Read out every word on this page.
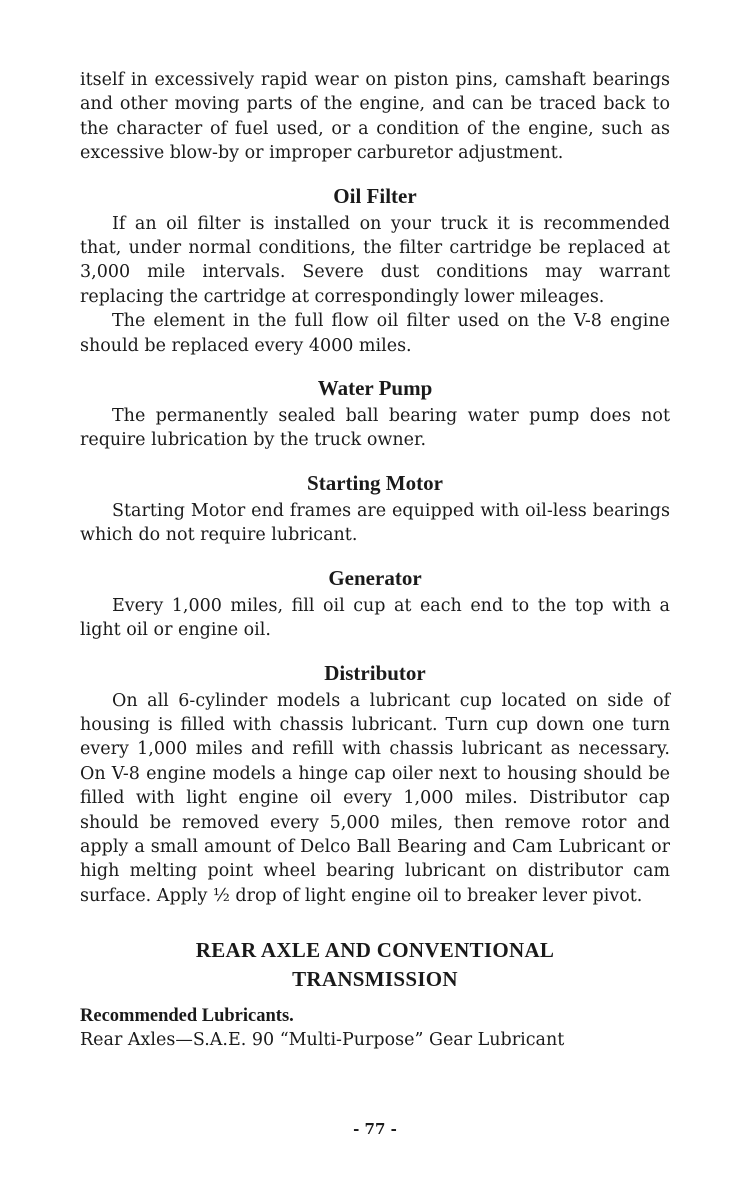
itself in excessively rapid wear on piston pins, camshaft bearings and other moving parts of the engine, and can be traced back to the character of fuel used, or a condition of the engine, such as excessive blow-by or improper carburetor adjustment.

Oil Filter

If an oil filter is installed on your truck it is recommended that, under normal conditions, the filter cartridge be replaced at 3,000 mile intervals. Severe dust conditions may warrant replacing the cartridge at correspondingly lower mileages.

The element in the full flow oil filter used on the V-8 engine should be replaced every 4000 miles.

Water Pump

The permanently sealed ball bearing water pump does not require lubrication by the truck owner.

Starting Motor

Starting Motor end frames are equipped with oil-less bearings which do not require lubricant.

Generator

Every 1,000 miles, fill oil cup at each end to the top with a light oil or engine oil.

Distributor

On all 6-cylinder models a lubricant cup located on side of housing is filled with chassis lubricant. Turn cup down one turn every 1,000 miles and refill with chassis lubricant as necessary. On V-8 engine models a hinge cap oiler next to housing should be filled with light engine oil every 1,000 miles. Distributor cap should be removed every 5,000 miles, then remove rotor and apply a small amount of Delco Ball Bearing and Cam Lubricant or high melting point wheel bearing lubricant on distributor cam surface. Apply ½ drop of light engine oil to breaker lever pivot.

REAR AXLE AND CONVENTIONAL
TRANSMISSION
Recommended Lubricants.
Rear Axles—S.A.E. 90 “Multi-Purpose” Gear Lubricant
- 77 -
